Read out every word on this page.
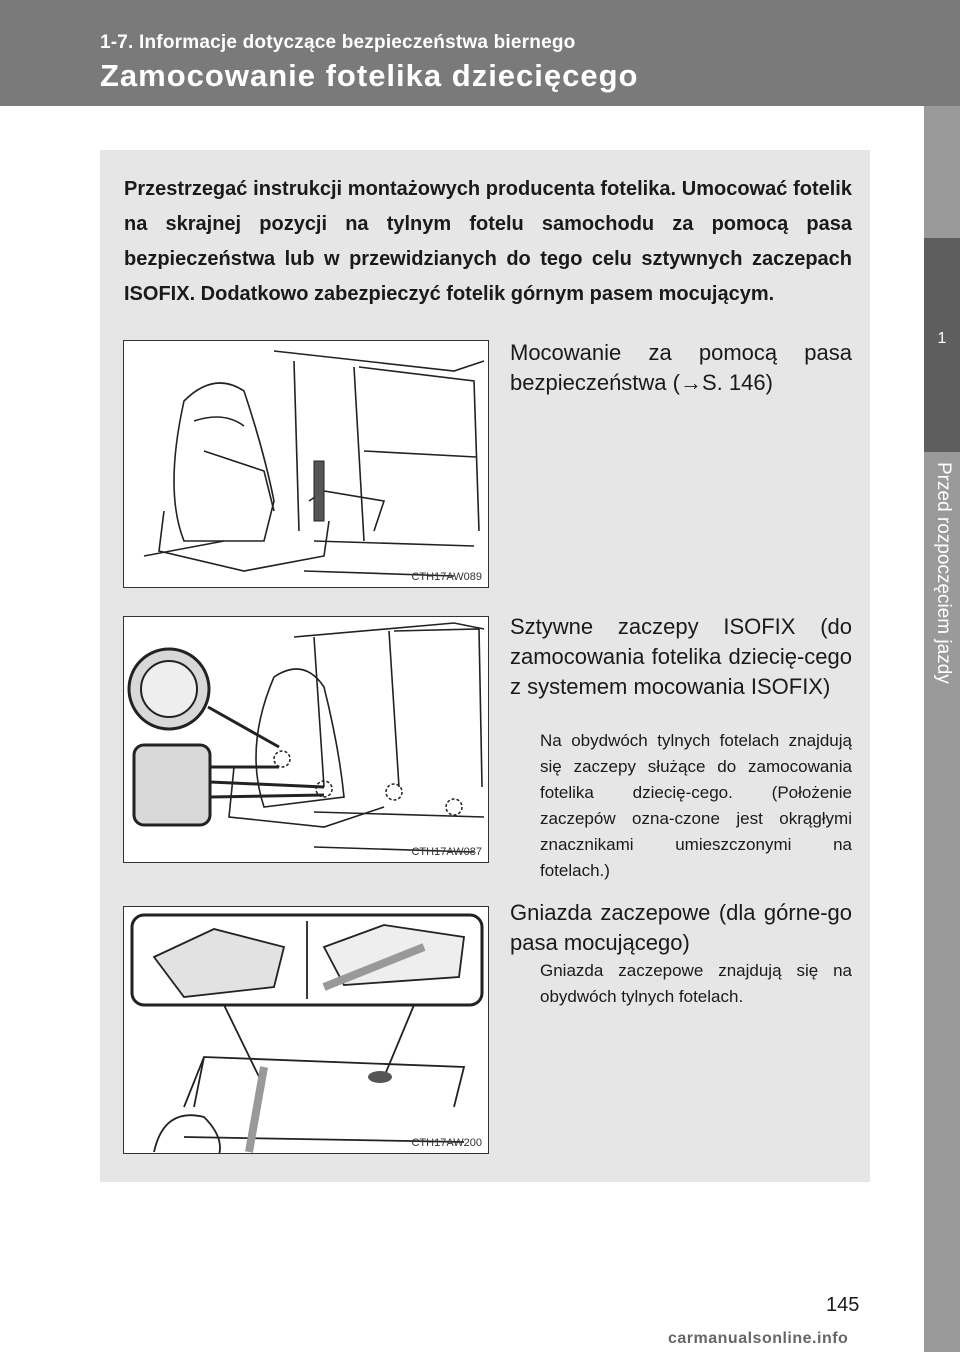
1-7. Informacje dotyczące bezpieczeństwa biernego
Zamocowanie fotelika dziecięcego
1
Przed rozpoczęciem jazdy
Przestrzegać instrukcji montażowych producenta fotelika. Umocować fotelik na skrajnej pozycji na tylnym fotelu samochodu za pomocą pasa bezpieczeństwa lub w przewidzianych do tego celu sztywnych zaczepach ISOFIX. Dodatkowo zabezpieczyć fotelik górnym pasem mocującym.
CTH17AW089
Mocowanie za pomocą pasa bezpieczeństwa (→S. 146)
CTH17AW087
Sztywne zaczepy ISOFIX (do zamocowania fotelika dziecię-cego z systemem mocowania ISOFIX)
Na obydwóch tylnych fotelach znajdują się zaczepy służące do zamocowania fotelika dziecię-cego. (Położenie zaczepów ozna-czone jest okrągłymi znacznikami umieszczonymi na fotelach.)
CTH17AW200
Gniazda zaczepowe (dla górne-go pasa mocującego)
Gniazda zaczepowe znajdują się na obydwóch tylnych fotelach.
145
carmanualsonline.info
